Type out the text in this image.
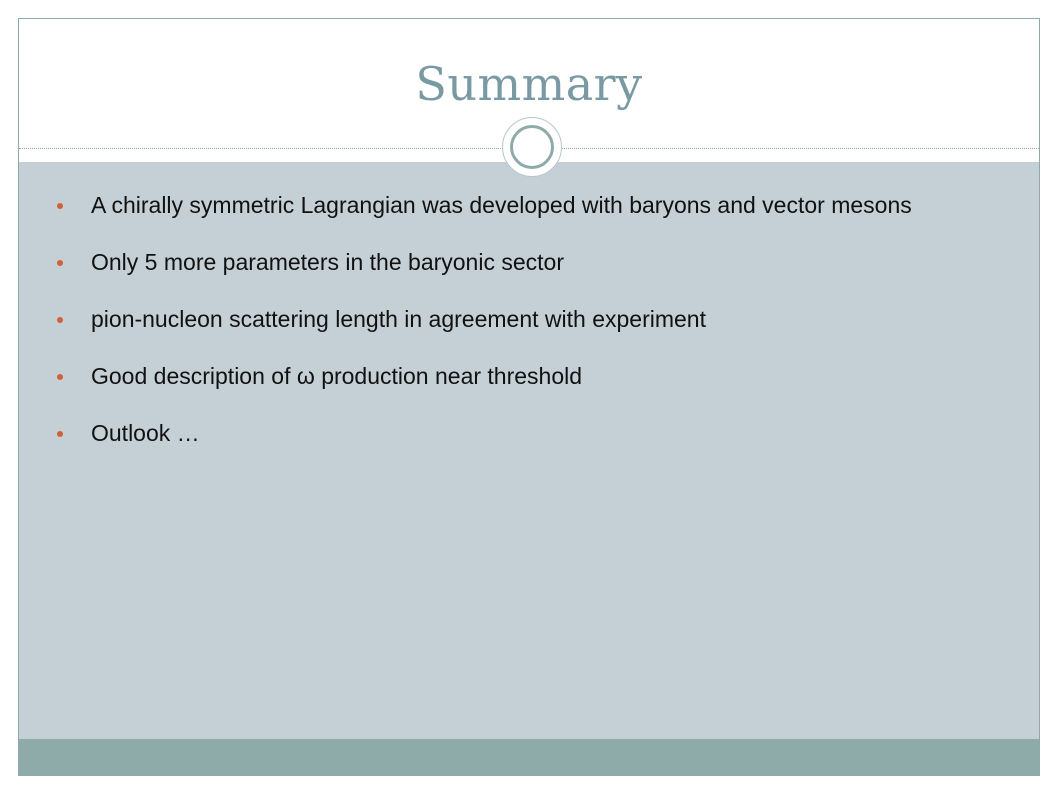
Summary
A chirally symmetric Lagrangian was developed with baryons and vector mesons
Only 5 more parameters in the baryonic sector
pion-nucleon scattering length in agreement with experiment
Good description of ω production near threshold
Outlook …
